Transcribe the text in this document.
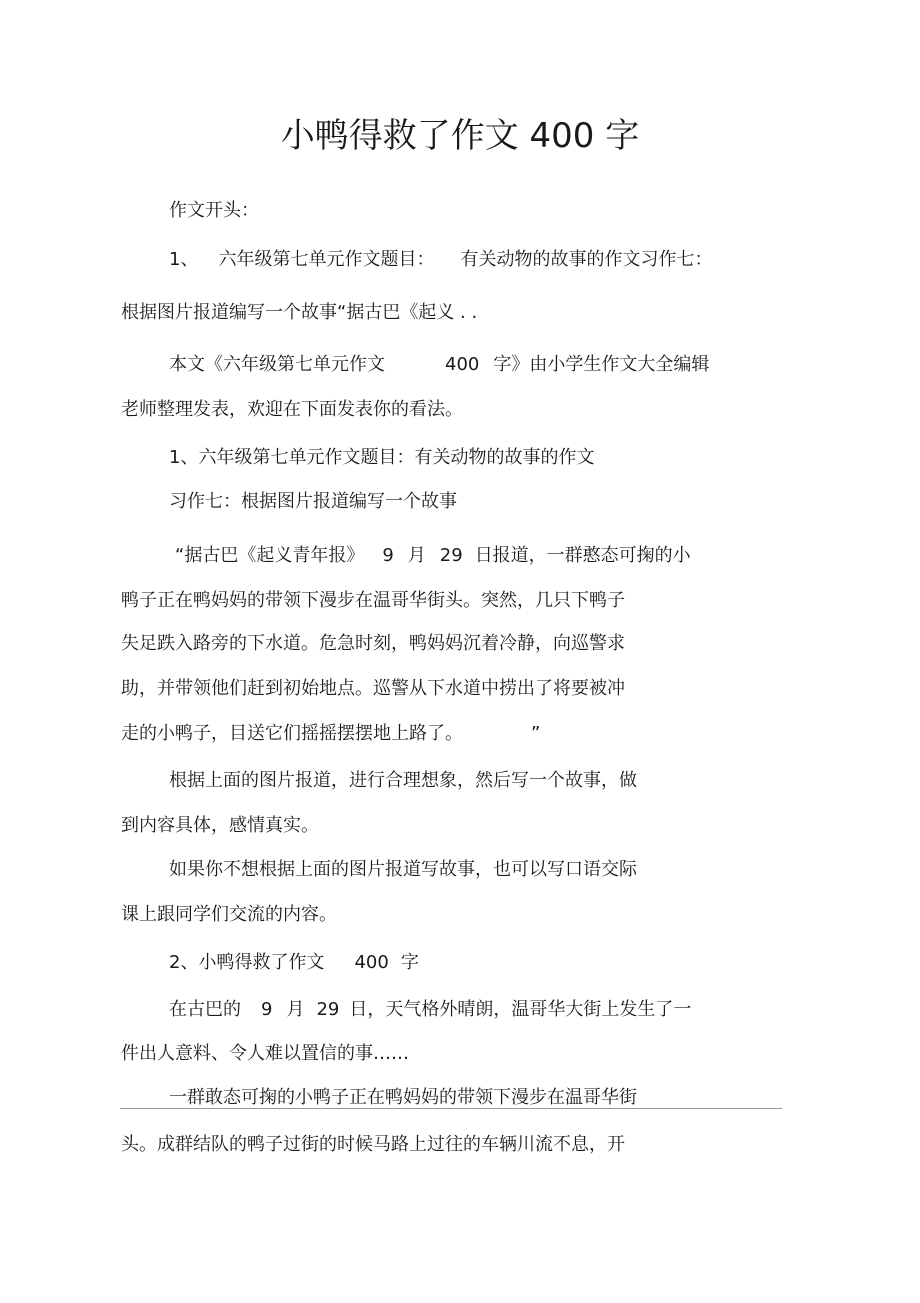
小鸭得救了作文 400 字

作文开头：

1、 六年级第七单元作文题目： 有关动物的故事的作文习作七：

根据图片报道编写一个故事“据古巴《起义 . .

本文《六年级第七单元作文	400 字》由小学生作文大全编辑

老师整理发表，欢迎在下面发表你的看法。

1、六年级第七单元作文题目：有关动物的故事的作文

习作七：根据图片报道编写一个故事

“据古巴《起义青年报》 9 月 29 日报道，一群憨态可掬的小

鸭子正在鸭妈妈的带领下漫步在温哥华街头。突然，几只下鸭子

失足跌入路旁的下水道。危急时刻，鸭妈妈沉着冷静，向巡警求

助，并带领他们赶到初始地点。巡警从下水道中捞出了将要被冲

走的小鸭子，目送它们摇摇摆摆地上路了。	”

根据上面的图片报道，进行合理想象，然后写一个故事，做

到内容具体，感情真实。

如果你不想根据上面的图片报道写故事，也可以写口语交际

课上跟同学们交流的内容。

2、小鸭得救了作文 400 字

在古巴的 9 月 29 日，天气格外晴朗，温哥华大街上发生了一

件出人意料、令人难以置信的事……

一群敢态可掬的小鸭子正在鸭妈妈的带领下漫步在温哥华街

头。成群结队的鸭子过街的时候马路上过往的车辆川流不息，开
